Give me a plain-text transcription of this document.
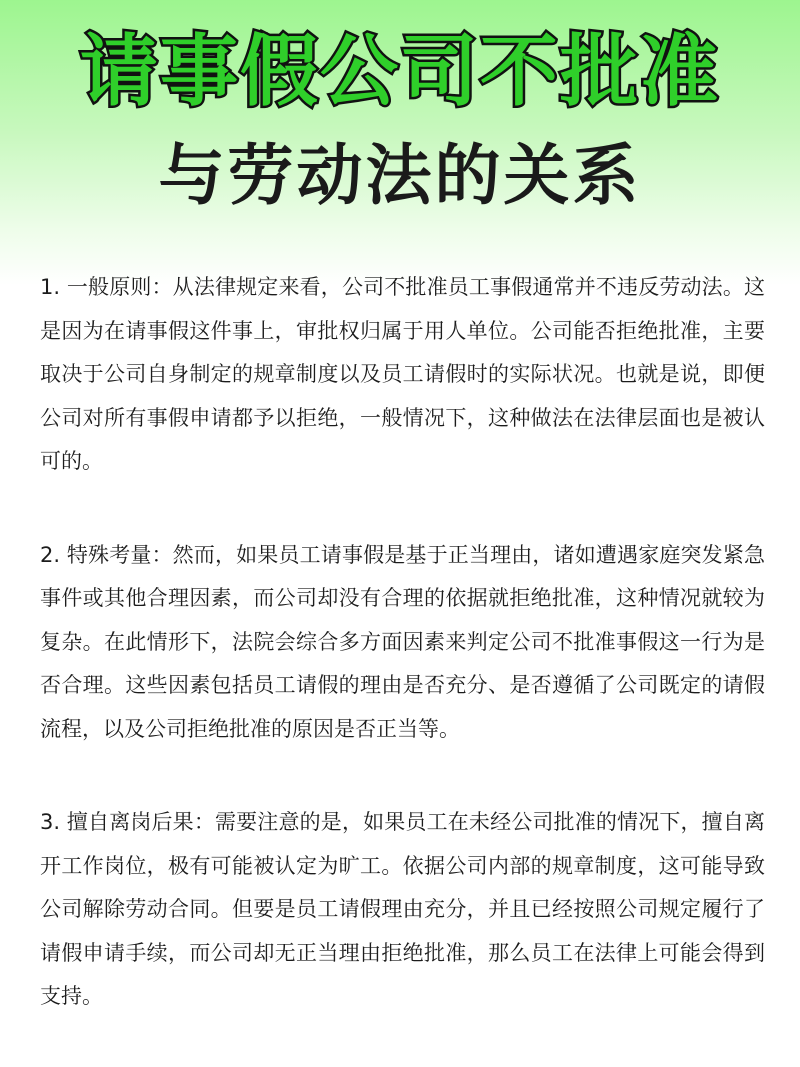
请事假公司不批准
与劳动法的关系

1. 一般原则：从法律规定来看，公司不批准员工事假通常并不违反劳动法。这是因为在请事假这件事上，审批权归属于用人单位。公司能否拒绝批准，主要取决于公司自身制定的规章制度以及员工请假时的实际状况。也就是说，即便公司对所有事假申请都予以拒绝，一般情况下，这种做法在法律层面也是被认可的。

2. 特殊考量：然而，如果员工请事假是基于正当理由，诸如遭遇家庭突发紧急事件或其他合理因素，而公司却没有合理的依据就拒绝批准，这种情况就较为复杂。在此情形下，法院会综合多方面因素来判定公司不批准事假这一行为是否合理。这些因素包括员工请假的理由是否充分、是否遵循了公司既定的请假流程，以及公司拒绝批准的原因是否正当等。

3. 擅自离岗后果：需要注意的是，如果员工在未经公司批准的情况下，擅自离开工作岗位，极有可能被认定为旷工。依据公司内部的规章制度，这可能导致公司解除劳动合同。但要是员工请假理由充分，并且已经按照公司规定履行了请假申请手续，而公司却无正当理由拒绝批准，那么员工在法律上可能会得到支持。
